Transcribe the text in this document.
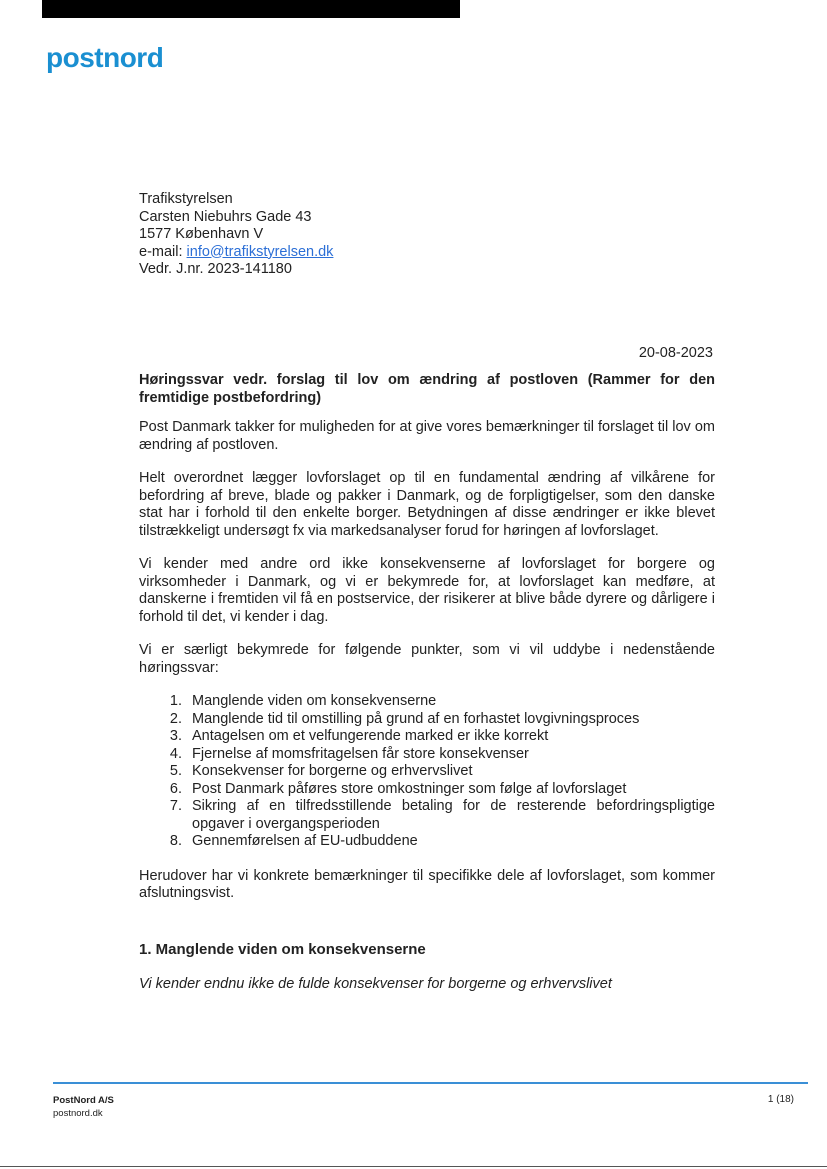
postnord
Trafikstyrelsen
Carsten Niebuhrs Gade 43
1577 København V
e-mail: info@trafikstyrelsen.dk
Vedr. J.nr. 2023-141180
20-08-2023
Høringssvar vedr. forslag til lov om ændring af postloven (Rammer for den fremtidige postbefordring)

Post Danmark takker for muligheden for at give vores bemærkninger til forslaget til lov om ændring af postloven.

Helt overordnet lægger lovforslaget op til en fundamental ændring af vilkårene for befordring af breve, blade og pakker i Danmark, og de forpligtigelser, som den danske stat har i forhold til den enkelte borger. Betydningen af disse ændringer er ikke blevet tilstrækkeligt undersøgt fx via markedsanalyser forud for høringen af lovforslaget.

Vi kender med andre ord ikke konsekvenserne af lovforslaget for borgere og virksomheder i Danmark, og vi er bekymrede for, at lovforslaget kan medføre, at danskerne i fremtiden vil få en postservice, der risikerer at blive både dyrere og dårligere i forhold til det, vi kender i dag.

Vi er særligt bekymrede for følgende punkter, som vi vil uddybe i nedenstående høringssvar:

1. Manglende viden om konsekvenserne
2. Manglende tid til omstilling på grund af en forhastet lovgivningsproces
3. Antagelsen om et velfungerende marked er ikke korrekt
4. Fjernelse af momsfritagelsen får store konsekvenser
5. Konsekvenser for borgerne og erhvervslivet
6. Post Danmark påføres store omkostninger som følge af lovforslaget
7. Sikring af en tilfredsstillende betaling for de resterende befordringspligtige opgaver i overgangsperioden
8. Gennemførelsen af EU-udbuddene

Herudover har vi konkrete bemærkninger til specifikke dele af lovforslaget, som kommer afslutningsvist.

1. Manglende viden om konsekvenserne

Vi kender endnu ikke de fulde konsekvenser for borgerne og erhvervslivet

PostNord A/S
postnord.dk
1 (18)
